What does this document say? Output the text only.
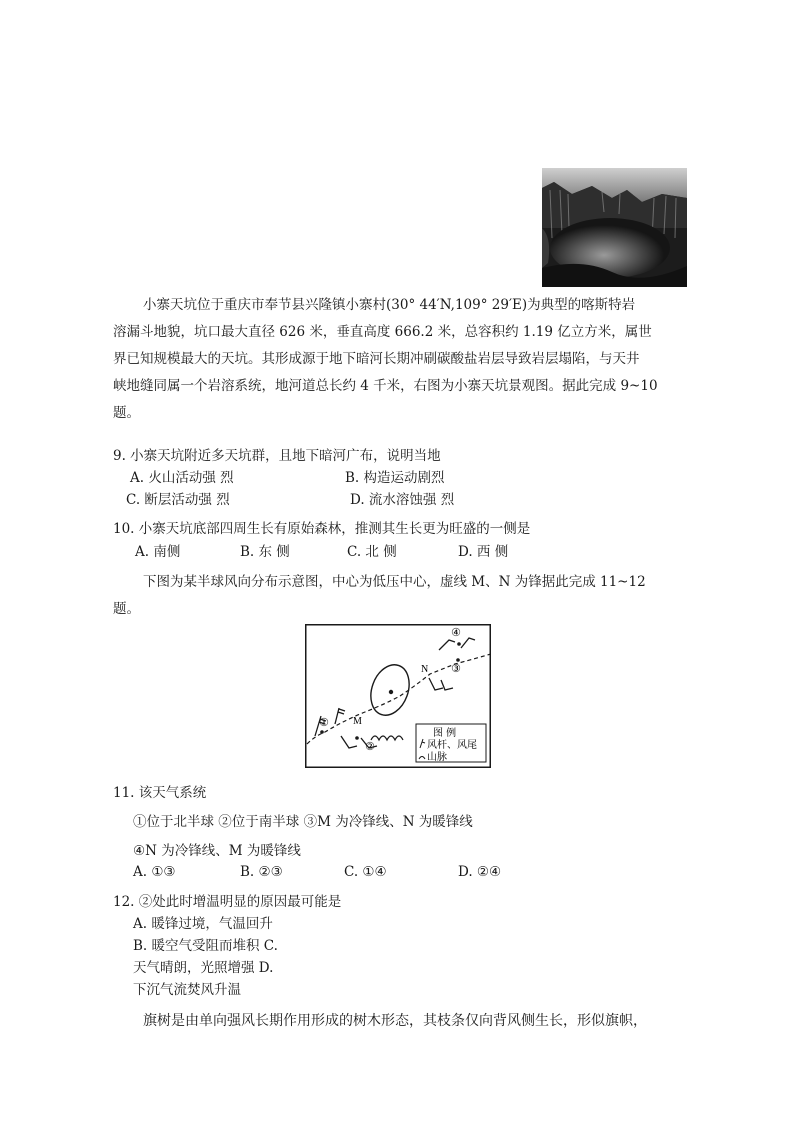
小寨天坑位于重庆市奉节县兴隆镇小寨村(30° 44′N,109° 29′E)为典型的喀斯特岩

溶漏斗地貌，坑口最大直径 626 米，垂直高度 666.2 米，总容积约 1.19 亿立方米，属世

界已知规模最大的天坑。其形成源于地下暗河长期冲刷碳酸盐岩层导致岩层塌陷，与天井

峡地缝同属一个岩溶系统，地河道总长约 4 千米，右图为小寨天坑景观图。据此完成 9~10

题。

9. 小寨天坑附近多天坑群，且地下暗河广布，说明当地
A. 火山活动强 烈	B. 构造运动剧烈
C. 断层活动强 烈	D. 流水溶蚀强 烈
10. 小寨天坑底部四周生长有原始森林，推测其生长更为旺盛的一侧是
A. 南侧	B. 东 侧	C. 北 侧	D. 西 侧
下图为某半球风向分布示意图，中心为低压中心，虚线 M、N 为锋据此完成 11~12
题。
M
N
①
②
③
④
图 例
风杆、风尾
山脉
11. 该天气系统
①位于北半球 ②位于南半球 ③M 为冷锋线、N 为暖锋线
④N 为冷锋线、M 为暖锋线
A. ①③	B. ②③	C. ①④	D. ②④
12. ②处此时增温明显的原因最可能是
A. 暖锋过境，气温回升
B. 暖空气受阻而堆积 C.
天气晴朗，光照增强 D.
下沉气流焚风升温
旗树是由单向强风长期作用形成的树木形态，其枝条仅向背风侧生长，形似旗帜，
